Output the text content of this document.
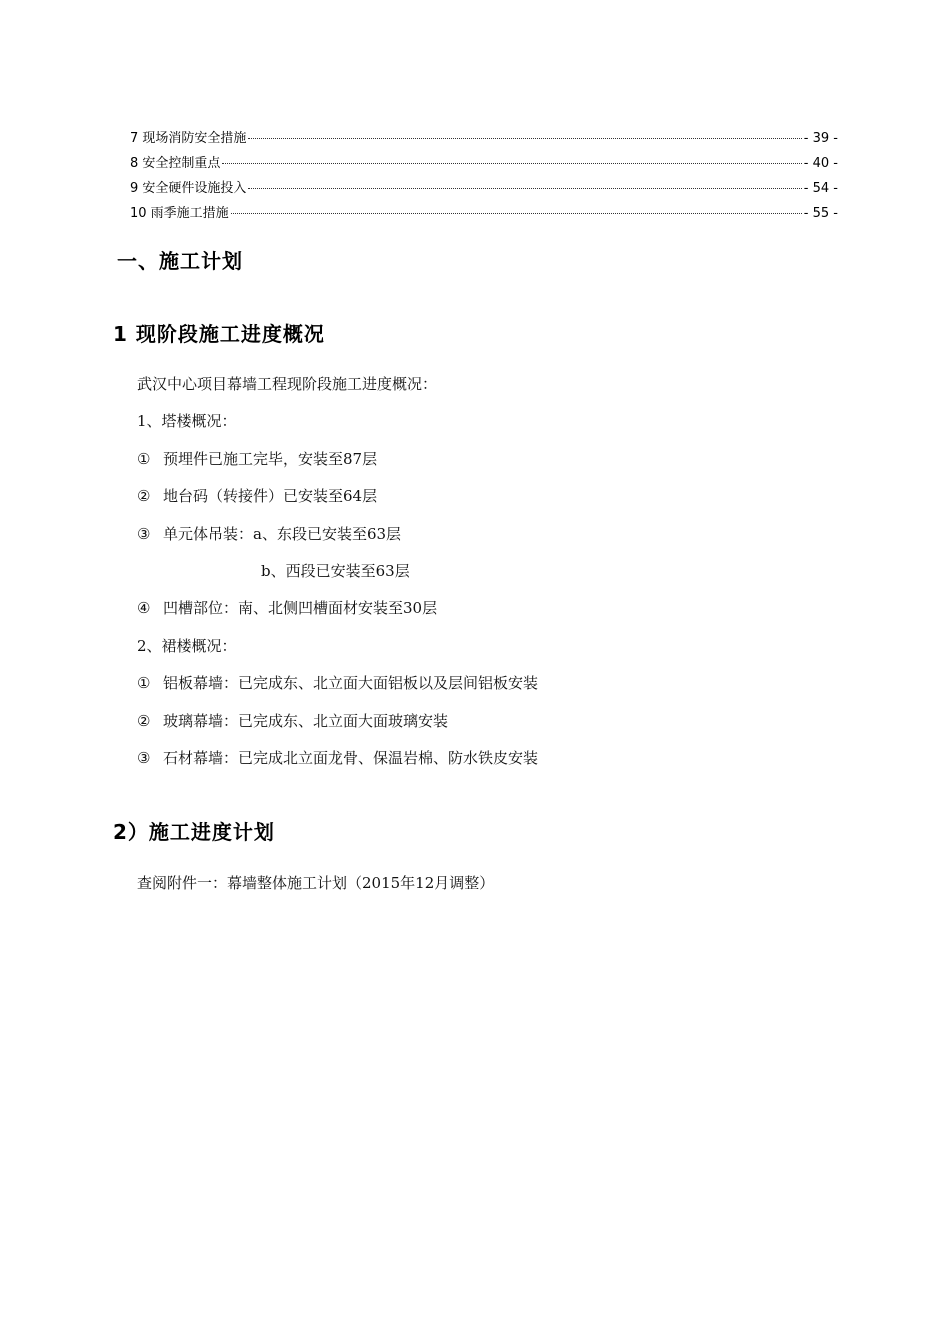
7 现场消防安全措施	- 39 -
8 安全控制重点	- 40 -
9 安全硬件设施投入	- 54 -
10 雨季施工措施	- 55 -
一、施工计划
1 现阶段施工进度概况
武汉中心项目幕墙工程现阶段施工进度概况：
1、塔楼概况：
① 预埋件已施工完毕，安装至87层
② 地台码（转接件）已安装至64层
③ 单元体吊装：a、东段已安装至63层
b、西段已安装至63层
④ 凹槽部位：南、北侧凹槽面材安装至30层
2、裙楼概况：
① 铝板幕墙：已完成东、北立面大面铝板以及层间铝板安装
② 玻璃幕墙：已完成东、北立面大面玻璃安装
③ 石材幕墙：已完成北立面龙骨、保温岩棉、防水铁皮安装
2）施工进度计划
查阅附件一：幕墙整体施工计划（2015年12月调整）
